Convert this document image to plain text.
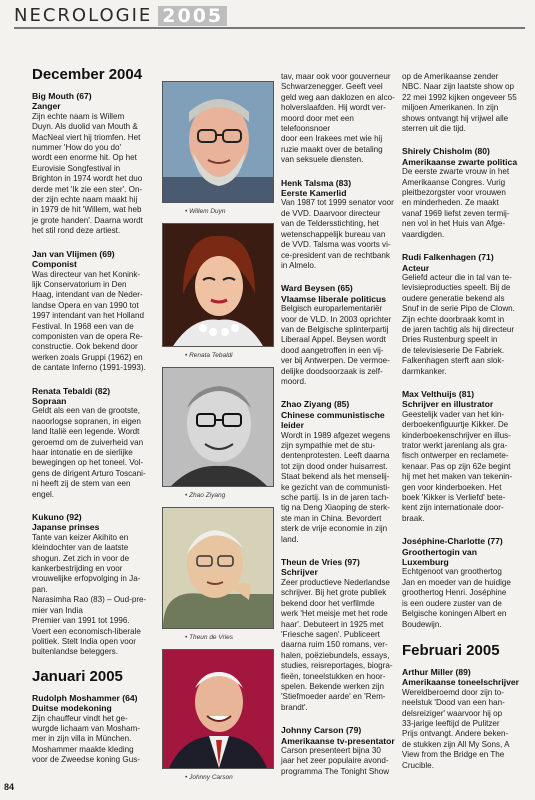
NECROLOGIE 2005
December 2004
Big Mouth (67)
Zanger
Zijn echte naam is Willem
Duyn. Als duolid van Mouth &
MacNeal viert hij triomfen. Het
nummer 'How do you do'
wordt een enorme hit. Op het
Eurovisie Songfestival in
Brighton in 1974 wordt het duo
derde met 'Ik zie een ster'. On-
der zijn echte naam maakt hij
in 1979 de hit 'Willem, wat heb
je grote handen'. Daarna wordt
het stil rond deze artiest.
Jan van Vlijmen (69)
Componist
Was directeur van het Konink-
lijk Conservatorium in Den
Haag, intendant van de Neder-
landse Opera en van 1990 tot
1997 intendant van het Holland
Festival. In 1968 een van de
componisten van de opera Re-
constructie. Ook bekend door
werken zoals Gruppi (1962) en
de cantate Inferno (1991-1993).
Renata Tebaldi (82)
Sopraan
Geldt als een van de grootste,
naoorlogse sopranen, in eigen
land Italië een legende. Wordt
geroemd om de zuiverheid van
haar intonatie en de sierlijke
bewegingen op het toneel. Vol-
gens de dirigent Arturo Toscani-
ni heeft zij de stem van een
engel.
Kukuno (92)
Japanse prinses
Tante van keizer Akihito en
kleindochter van de laatste
shogun. Zet zich in voor de
kankerbestrijding en voor
vrouwelijke erfopvolging in Ja-
pan.
Narasimha Rao (83) – Oud-pre-
mier van India
Premier van 1991 tot 1996.
Voert een economisch-liberale
politiek. Stelt India open voor
buitenlandse beleggers.
Januari 2005
Rudolph Moshammer (64)
Duitse modekoning
Zijn chauffeur vindt het ge-
wurgde lichaam van Mosham-
mer in zijn villa in München.
Moshammer maakte kleding
voor de Zweedse koning Gus-
• Willem Duyn
• Renata Tebaldi
• Zhao Ziyang
• Theun de Vries
• Johnny Carson
tav, maar ook voor gouverneur
Schwarzenegger. Geeft veel
geld weg aan daklozen en alco-
holverslaafden. Hij wordt ver-
moord door met een telefoonsnoer
door een Irakees met wie hij
ruzie maakt over de betaling
van seksuele diensten.
Henk Talsma (83)
Eerste Kamerlid
Van 1987 tot 1999 senator voor
de VVD. Daarvoor directeur
van de Teldersstichting, het
wetenschappelijk bureau van
de VVD. Talsma was voorts vi-
ce-president van de rechtbank
in Almelo.
Ward Beysen (65)
Vlaamse liberale politicus
Belgisch europarlementariër
voor de VLD. In 2003 oprichter
van de Belgische splinterpartij
Liberaal Appel. Beysen wordt
dood aangetroffen in een vij-
ver bij Antwerpen. De vermoe-
delijke doodsoorzaak is zelf-
moord.
Zhao Ziyang (85)
Chinese communistische leider
Wordt in 1989 afgezet wegens
zijn sympathie met de stu-
dentenprotesten. Leeft daarna
tot zijn dood onder huisarrest.
Staat bekend als het menselij-
ke gezicht van de communisti-
sche partij. Is in de jaren tach-
tig na Deng Xiaoping de sterk-
ste man in China. Bevordert
sterk de vrije economie in zijn
land.
Theun de Vries (97)
Schrijver
Zeer productieve Nederlandse
schrijver. Bij het grote publiek
bekend door het verfilmde
werk 'Het meisje met het rode
haar'. Debuteert in 1925 met
'Friesche sagen'. Publiceert
daarna ruim 150 romans, ver-
halen, poëziebundels, essays,
studies, reisreportages, biogra-
fieën, toneelstukken en hoor-
spelen. Bekende werken zijn
'Stiefmoeder aarde' en 'Rem-
brandt'.
Johnny Carson (79)
Amerikaanse tv-presentator
Carson presenteert bijna 30
jaar het zeer populaire avond-
programma The Tonight Show
op de Amerikaanse zender
NBC. Naar zijn laatste show op
22 mei 1992 kijken ongeveer 55
miljoen Amerikanen. In zijn
shows ontvangt hij vrijwel alle
sterren uit die tijd.
Shirely Chisholm (80)
Amerikaanse zwarte politica
De eerste zwarte vrouw in het
Amerikaanse Congres. Vurig
pleitbezorgster voor vrouwen
en minderheden. Ze maakt
vanaf 1969 liefst zeven termij-
nen vol in het Huis van Afge-
vaardigden.
Rudi Falkenhagen (71)
Acteur
Geliefd acteur die in tal van te-
levisieproducties speelt. Bij de
oudere generatie bekend als
Snuf in de serie Pipo de Clown.
Zijn echte doorbraak komt in
de jaren tachtig als hij directeur
Dries Rustenburg speelt in
de televisieserie De Fabriek.
Falkenhagen sterft aan slok-
darmkanker.
Max Velthuijs (81)
Schrijver en illustrator
Geestelijk vader van het kin-
derboekenfiguurtje Kikker. De
kinderboekenschrijver en illus-
trator werkt jarenlang als gra-
fisch ontwerper en reclamete-
kenaar. Pas op zijn 62e begint
hij met het maken van tekenin-
gen voor kinderboeken. Het
boek 'Kikker is Verliefd' bete-
kent zijn internationale door-
braak.
Joséphine-Charlotte (77)
Groothertogin van Luxemburg
Echtgenoot van groothertog
Jan en moeder van de huidige
groothertog Henri. Joséphine
is een oudere zuster van de
Belgische koningen Albert en
Boudewijn.
Februari 2005
Arthur Miller (89)
Amerikaanse toneelschrijver
Wereldberoemd door zijn to-
neelstuk 'Dood van een han-
delsreiziger' waarvoor hij op
33-jarige leeftijd de Pulitzer
Prijs ontvangt. Andere beken-
de stukken zijn All My Sons, A
View from the Bridge en The
Crucible.
84
